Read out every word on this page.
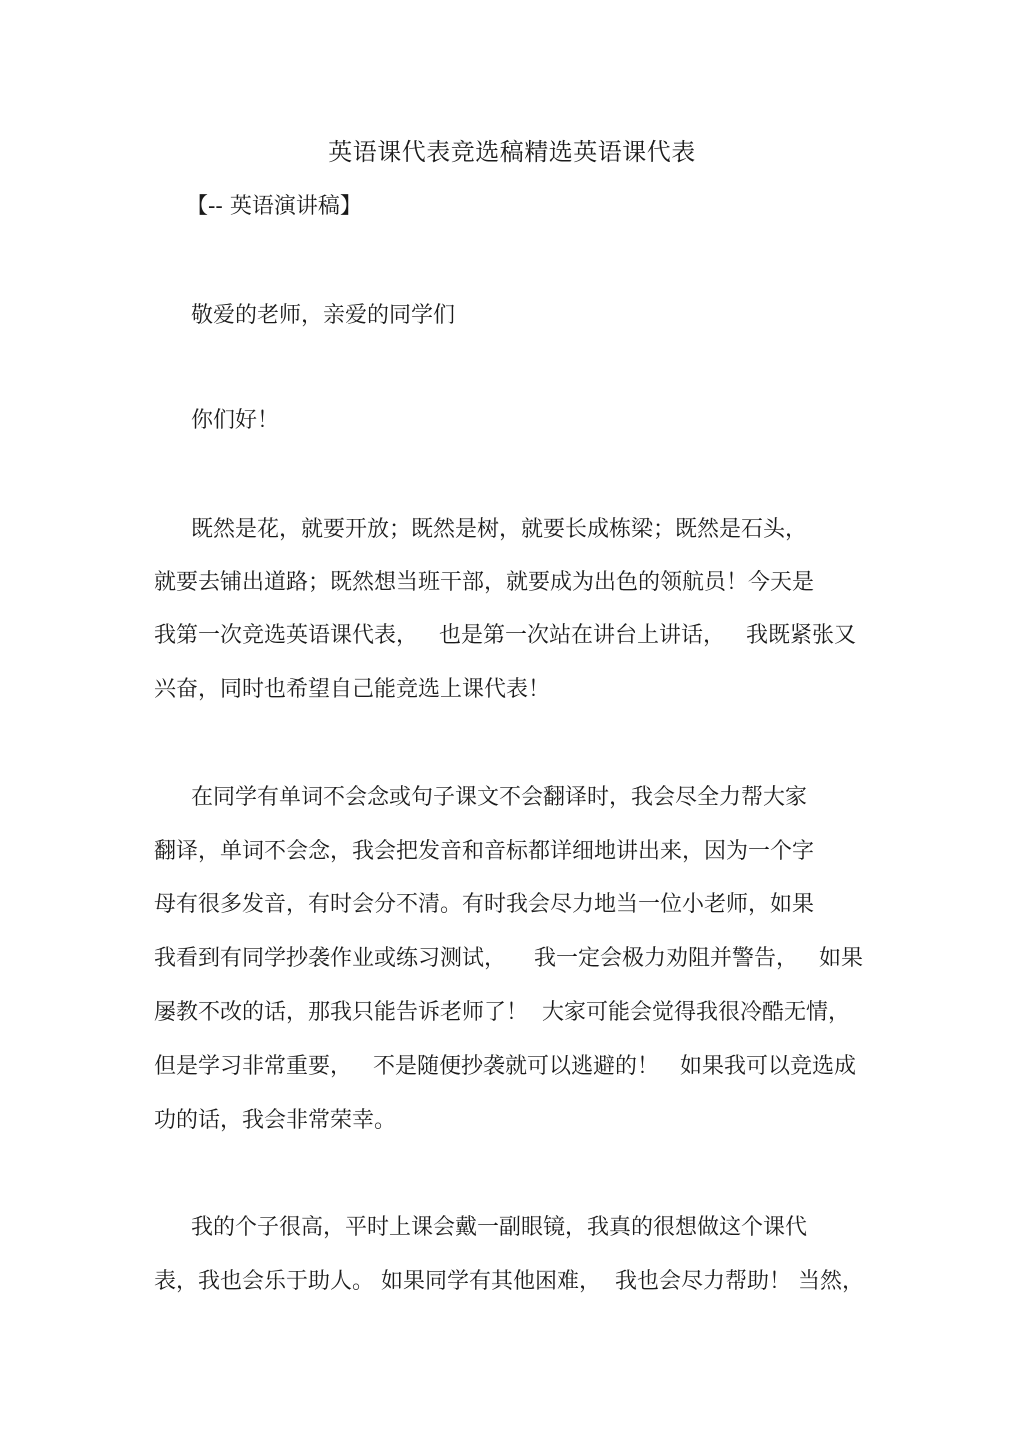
英语课代表竞选稿精选英语课代表

【-- 英语演讲稿】

敬爱的老师，亲爱的同学们

你们好！

既然是花，就要开放；既然是树，就要长成栋梁；既然是石头，

就要去铺出道路；既然想当班干部，就要成为出色的领航员！今天是

我第一次竞选英语课代表，   也是第一次站在讲台上讲话，   我既紧张又

兴奋，同时也希望自己能竞选上课代表！

在同学有单词不会念或句子课文不会翻译时，我会尽全力帮大家

翻译，单词不会念，我会把发音和音标都详细地讲出来，因为一个字

母有很多发音，有时会分不清。有时我会尽力地当一位小老师，如果

我看到有同学抄袭作业或练习测试，    我一定会极力劝阻并警告，   如果

屡教不改的话，那我只能告诉老师了！  大家可能会觉得我很冷酷无情，

但是学习非常重要，   不是随便抄袭就可以逃避的！   如果我可以竞选成

功的话，我会非常荣幸。

我的个子很高，平时上课会戴一副眼镜，我真的很想做这个课代

表，我也会乐于助人。 如果同学有其他困难，  我也会尽力帮助！ 当然，
